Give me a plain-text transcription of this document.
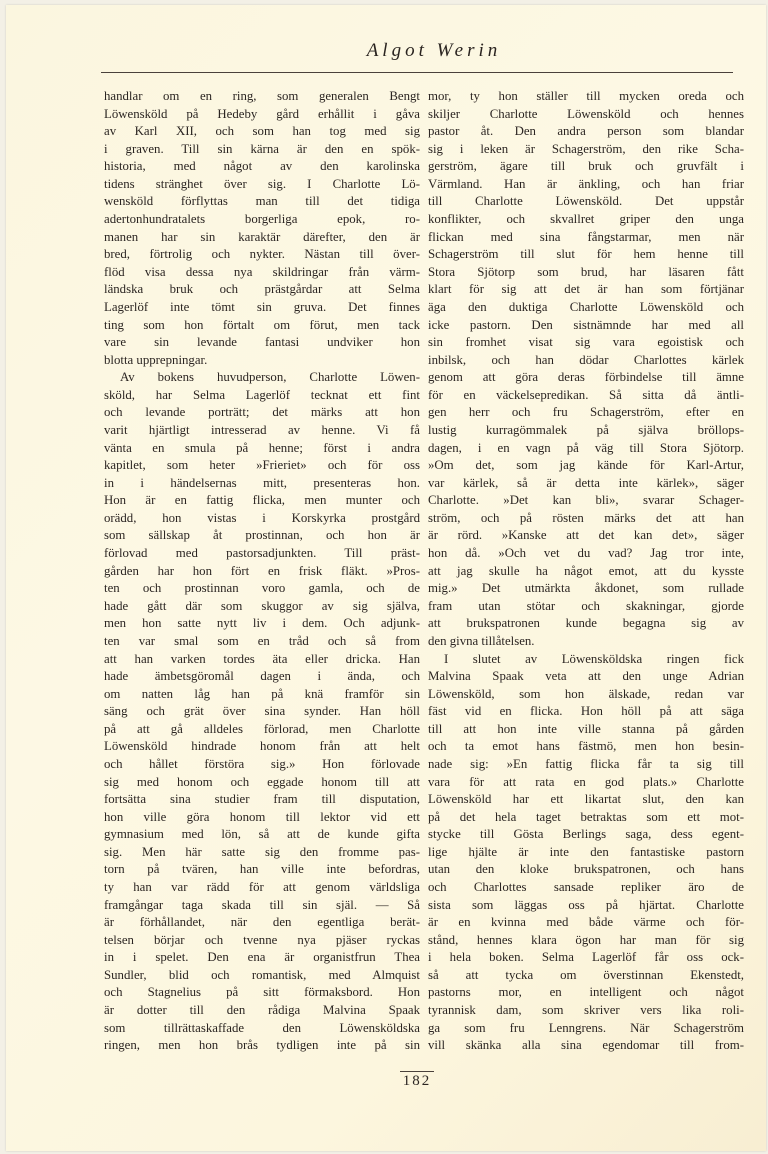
Algot Werin
handlar om en ring, som generalen Bengt
Löwensköld på Hedeby gård erhållit i gåva
av Karl XII, och som han tog med sig
i graven. Till sin kärna är den en spök-
historia, med något av den karolinska
tidens stränghet över sig. I Charlotte Lö-
wensköld förflyttas man till det tidiga
adertonhundratalets borgerliga epok, ro-
manen har sin karaktär därefter, den är
bred, förtrolig och nykter. Nästan till över-
flöd visa dessa nya skildringar från värm-
ländska bruk och prästgårdar att Selma
Lagerlöf inte tömt sin gruva. Det finnes
ting som hon förtalt om förut, men tack
vare sin levande fantasi undviker hon
blotta upprepningar.
Av bokens huvudperson, Charlotte Löwen-
sköld, har Selma Lagerlöf tecknat ett fint
och levande porträtt; det märks att hon
varit hjärtligt intresserad av henne. Vi få
vänta en smula på henne; först i andra
kapitlet, som heter »Frieriet» och för oss
in i händelsernas mitt, presenteras hon.
Hon är en fattig flicka, men munter och
orädd, hon vistas i Korskyrka prostgård
som sällskap åt prostinnan, och hon är
förlovad med pastorsadjunkten. Till präst-
gården har hon fört en frisk fläkt. »Pros-
ten och prostinnan voro gamla, och de
hade gått där som skuggor av sig själva,
men hon satte nytt liv i dem. Och adjunk-
ten var smal som en tråd och så from
att han varken tordes äta eller dricka. Han
hade ämbetsgöromål dagen i ända, och
om natten låg han på knä framför sin
säng och grät över sina synder. Han höll
på att gå alldeles förlorad, men Charlotte
Löwensköld hindrade honom från att helt
och hållet förstöra sig.» Hon förlovade
sig med honom och eggade honom till att
fortsätta sina studier fram till disputation,
hon ville göra honom till lektor vid ett
gymnasium med lön, så att de kunde gifta
sig. Men här satte sig den fromme pas-
torn på tvären, han ville inte befordras,
ty han var rädd för att genom världsliga
framgångar taga skada till sin själ. — Så
är förhållandet, när den egentliga berät-
telsen börjar och tvenne nya pjäser ryckas
in i spelet. Den ena är organistfrun Thea
Sundler, blid och romantisk, med Almquist
och Stagnelius på sitt förmaksbord. Hon
är dotter till den rådiga Malvina Spaak
som tillrättaskaffade den Löwensköldska
ringen, men hon brås tydligen inte på sin
mor, ty hon ställer till mycken oreda och
skiljer Charlotte Löwensköld och hennes
pastor åt. Den andra person som blandar
sig i leken är Schagerström, den rike Scha-
gerström, ägare till bruk och gruvfält i
Värmland. Han är änkling, och han friar
till Charlotte Löwensköld. Det uppstår
konflikter, och skvallret griper den unga
flickan med sina fångstarmar, men när
Schagerström till slut för hem henne till
Stora Sjötorp som brud, har läsaren fått
klart för sig att det är han som förtjänar
äga den duktiga Charlotte Löwensköld och
icke pastorn. Den sistnämnde har med all
sin fromhet visat sig vara egoistisk och
inbilsk, och han dödar Charlottes kärlek
genom att göra deras förbindelse till ämne
för en väckelsepredikan. Så sitta då äntli-
gen herr och fru Schagerström, efter en
lustig kurragömmalek på själva bröllops-
dagen, i en vagn på väg till Stora Sjötorp.
»Om det, som jag kände för Karl-Artur,
var kärlek, så är detta inte kärlek», säger
Charlotte. »Det kan bli», svarar Schager-
ström, och på rösten märks det att han
är rörd. »Kanske att det kan det», säger
hon då. »Och vet du vad? Jag tror inte,
att jag skulle ha något emot, att du kysste
mig.» Det utmärkta åkdonet, som rullade
fram utan stötar och skakningar, gjorde
att brukspatronen kunde begagna sig av
den givna tillåtelsen.
I slutet av Löwensköldska ringen fick
Malvina Spaak veta att den unge Adrian
Löwensköld, som hon älskade, redan var
fäst vid en flicka. Hon höll på att säga
till att hon inte ville stanna på gården
och ta emot hans fästmö, men hon besin-
nade sig: »En fattig flicka får ta sig till
vara för att rata en god plats.» Charlotte
Löwensköld har ett likartat slut, den kan
på det hela taget betraktas som ett mot-
stycke till Gösta Berlings saga, dess egent-
lige hjälte är inte den fantastiske pastorn
utan den kloke brukspatronen, och hans
och Charlottes sansade repliker äro de
sista som läggas oss på hjärtat. Charlotte
är en kvinna med både värme och för-
stånd, hennes klara ögon har man för sig
i hela boken. Selma Lagerlöf får oss ock-
så att tycka om överstinnan Ekenstedt,
pastorns mor, en intelligent och något
tyrannisk dam, som skriver vers lika roli-
ga som fru Lenngrens. När Schagerström
vill skänka alla sina egendomar till from-
182
